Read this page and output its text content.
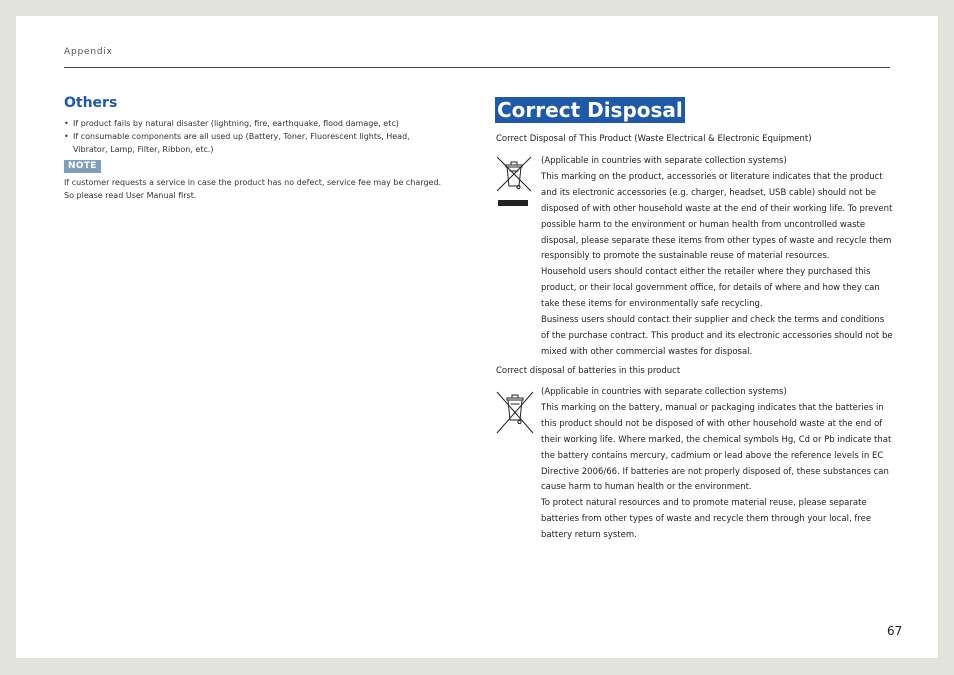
Appendix
Others
• If product fails by natural disaster (lightning, fire, earthquake, flood damage, etc)
• If consumable components are all used up (Battery, Toner, Fluorescent lights, Head, Vibrator, Lamp, Filter, Ribbon, etc.)
NOTE
If customer requests a service in case the product has no defect, service fee may be charged. So please read User Manual first.
Correct Disposal
Correct Disposal of This Product (Waste Electrical & Electronic Equipment)

(Applicable in countries with separate collection systems)

This marking on the product, accessories or literature indicates that the product and its electronic accessories (e.g. charger, headset, USB cable) should not be disposed of with other household waste at the end of their working life. To prevent possible harm to the environment or human health from uncontrolled waste disposal, please separate these items from other types of waste and recycle them responsibly to promote the sustainable reuse of material resources.

Household users should contact either the retailer where they purchased this product, or their local government office, for details of where and how they can take these items for environmentally safe recycling.

Business users should contact their supplier and check the terms and conditions of the purchase contract. This product and its electronic accessories should not be mixed with other commercial wastes for disposal.

Correct disposal of batteries in this product

(Applicable in countries with separate collection systems)

This marking on the battery, manual or packaging indicates that the batteries in this product should not be disposed of with other household waste at the end of their working life. Where marked, the chemical symbols Hg, Cd or Pb indicate that the battery contains mercury, cadmium or lead above the reference levels in EC Directive 2006/66. If batteries are not properly disposed of, these substances can cause harm to human health or the environment.

To protect natural resources and to promote material reuse, please separate batteries from other types of waste and recycle them through your local, free battery return system.

67
